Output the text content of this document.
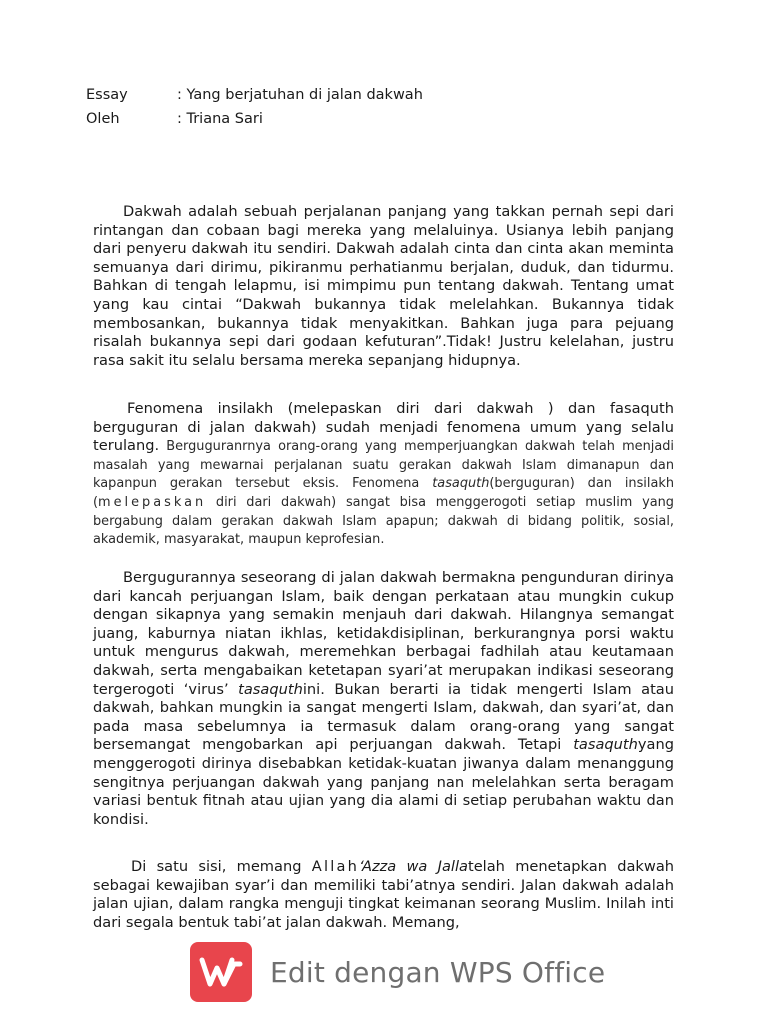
Essay	: Yang berjatuhan di jalan dakwah
Oleh	: Triana Sari

Dakwah adalah sebuah perjalanan panjang yang takkan pernah sepi dari rintangan dan cobaan bagi mereka yang melaluinya. Usianya lebih panjang dari penyeru dakwah itu sendiri. Dakwah adalah cinta dan cinta akan meminta semuanya dari dirimu, pikiranmu perhatianmu berjalan, duduk, dan tidurmu. Bahkan di tengah lelapmu, isi mimpimu pun tentang dakwah. Tentang umat yang kau cintai “Dakwah bukannya tidak melelahkan. Bukannya tidak membosankan, bukannya tidak menyakitkan. Bahkan juga para pejuang risalah bukannya sepi dari godaan kefuturan”.Tidak! Justru kelelahan, justru rasa sakit itu selalu bersama mereka sepanjang hidupnya.

Fenomena insilakh (melepaskan diri dari dakwah ) dan fasaquth berguguran di jalan dakwah) sudah menjadi fenomena umum yang selalu terulang. Berguguranrnya orang-orang yang memperjuangkan dakwah telah menjadi masalah yang mewarnai perjalanan suatu gerakan dakwah Islam dimanapun dan kapanpun gerakan tersebut eksis. Fenomena tasaquth(berguguran) dan insilakh (melepaskan diri dari dakwah) sangat bisa menggerogoti setiap muslim yang bergabung dalam gerakan dakwah Islam apapun; dakwah di bidang politik, sosial, akademik, masyarakat, maupun keprofesian.

Bergugurannya seseorang di jalan dakwah bermakna pengunduran dirinya dari kancah perjuangan Islam, baik dengan perkataan atau mungkin cukup dengan sikapnya yang semakin menjauh dari dakwah. Hilangnya semangat juang, kaburnya niatan ikhlas, ketidakdisiplinan, berkurangnya porsi waktu untuk mengurus dakwah, meremehkan berbagai fadhilah atau keutamaan dakwah, serta mengabaikan ketetapan syari’at merupakan indikasi seseorang tergerogoti ‘virus’ tasaquthini. Bukan berarti ia tidak mengerti Islam atau dakwah, bahkan mungkin ia sangat mengerti Islam, dakwah, dan syari’at, dan pada masa sebelumnya ia termasuk dalam orang-orang yang sangat bersemangat mengobarkan api perjuangan dakwah. Tetapi tasaquthyang menggerogoti dirinya disebabkan ketidak-kuatan jiwanya dalam menanggung sengitnya perjuangan dakwah yang panjang nan melelahkan serta beragam variasi bentuk fitnah atau ujian yang dia alami di setiap perubahan waktu dan kondisi.

Di satu sisi, memang Allah‘Azza wa Jallatelah menetapkan dakwah sebagai kewajiban syar’i dan memiliki tabi’atnya sendiri. Jalan dakwah adalah jalan ujian, dalam rangka menguji tingkat keimanan seorang Muslim. Inilah inti dari segala bentuk tabi’at jalan dakwah. Memang,

Edit dengan WPS Office
